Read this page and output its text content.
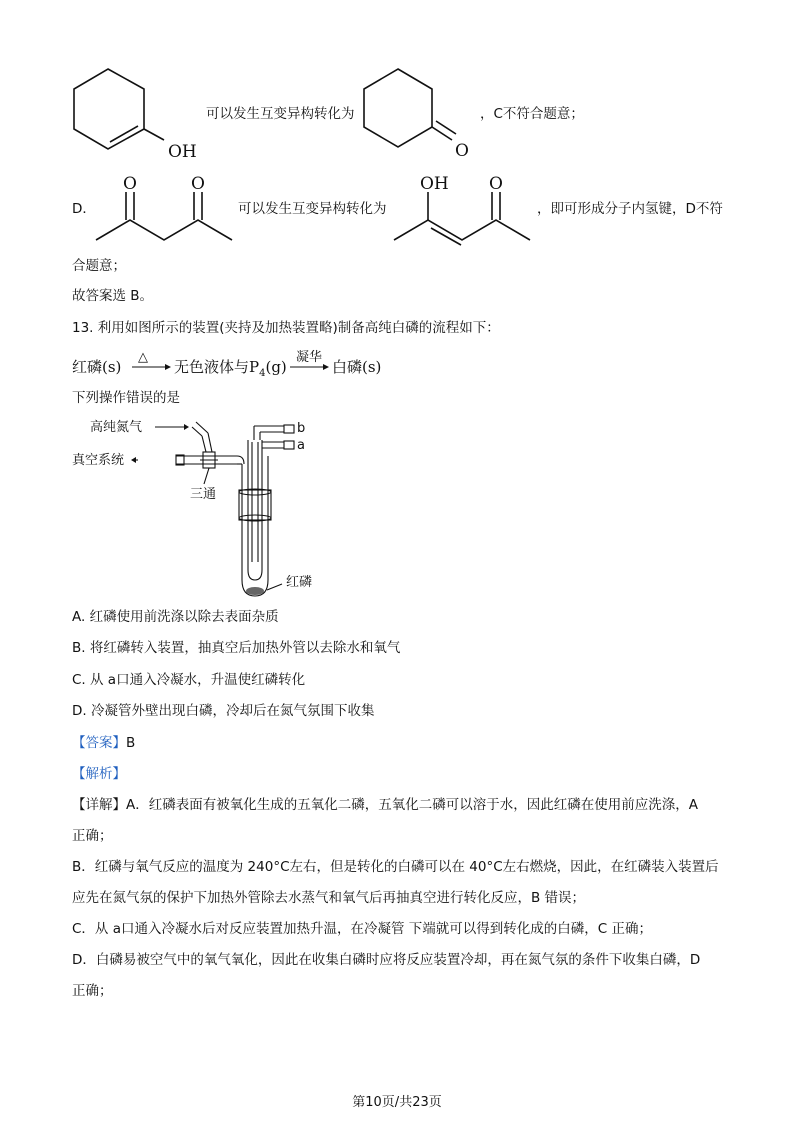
OH
可以发生互变异构转化为
O
，C不符合题意；
D．
O	O
可以发生互变异构转化为
OH O
，即可形成分子内氢键，D不符
合题意；
故答案选 B。
13. 利用如图所示的装置(夹持及加热装置略)制备高纯白磷的流程如下：
红磷(s)
△
无色液体与$P_4(g)$
凝华
白磷(s)
下列操作错误的是
高纯氮气
真空系统
三通
b
a
红磷
A. 红磷使用前洗涤以除去表面杂质
B. 将红磷转入装置，抽真空后加热外管以去除水和氧气
C. 从 a口通入冷凝水，升温使红磷转化
D. 冷凝管外壁出现白磷，冷却后在氮气氛围下收集
【答案】B
【解析】
【详解】A．红磷表面有被氧化生成的五氧化二磷，五氧化二磷可以溶于水，因此红磷在使用前应洗涤，A
正确；
B．红磷与氧气反应的温度为 240°C左右，但是转化的白磷可以在 40°C左右燃烧，因此，在红磷装入装置后
应先在氮气氛的保护下加热外管除去水蒸气和氧气后再抽真空进行转化反应，B 错误；
C．从 a口通入冷凝水后对反应装置加热升温，在冷凝管 下端就可以得到转化成的白磷，C 正确；
D．白磷易被空气中的氧气氧化，因此在收集白磷时应将反应装置冷却，再在氮气氛的条件下收集白磷，D
正确；
第10页/共23页
